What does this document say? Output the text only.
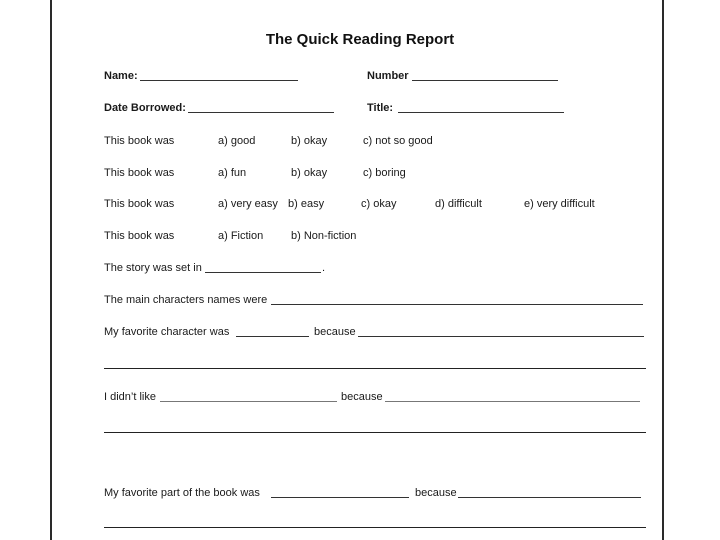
The Quick Reading Report
Name:	Number
Date Borrowed:	Title:
This book was	a) good	b) okay	c) not so good
This book was	a) fun	b) okay	c) boring
This book was	a) very easy b) easy	c) okay	d) difficult	e) very difficult
This book was	a) Fiction	b) Non-fiction
The story was set in	.
The main characters names were
My favorite character was	because
I didn’t like	because
My favorite part of the book was	because
